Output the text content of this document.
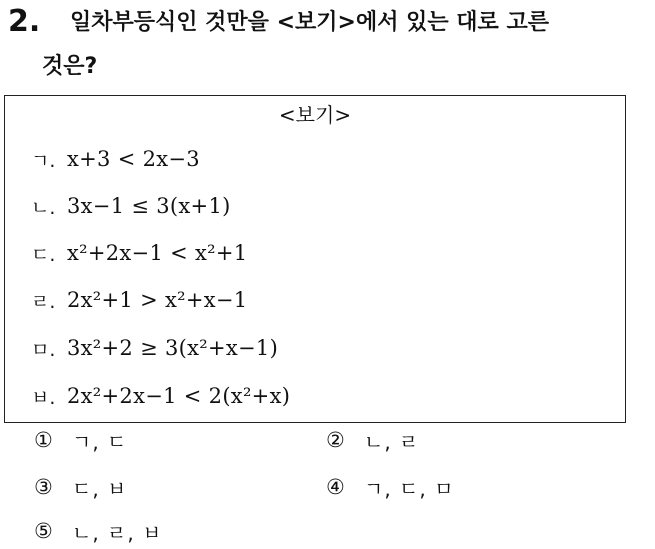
2. 일차부등식인 것만을 <보기>에서 있는 대로 고른
것은?
<보기>
ㄱ. x+3 < 2x−3
ㄴ. 3x−1 ≤ 3(x+1)
ㄷ. x²+2x−1 < x²+1
ㄹ. 2x²+1 > x²+x−1
ㅁ. 3x²+2 ≥ 3(x²+x−1)
ㅂ. 2x²+2x−1 < 2(x²+x)
① ㄱ, ㄷ	② ㄴ, ㄹ
③ ㄷ, ㅂ	④ ㄱ, ㄷ, ㅁ
⑤ ㄴ, ㄹ, ㅂ
